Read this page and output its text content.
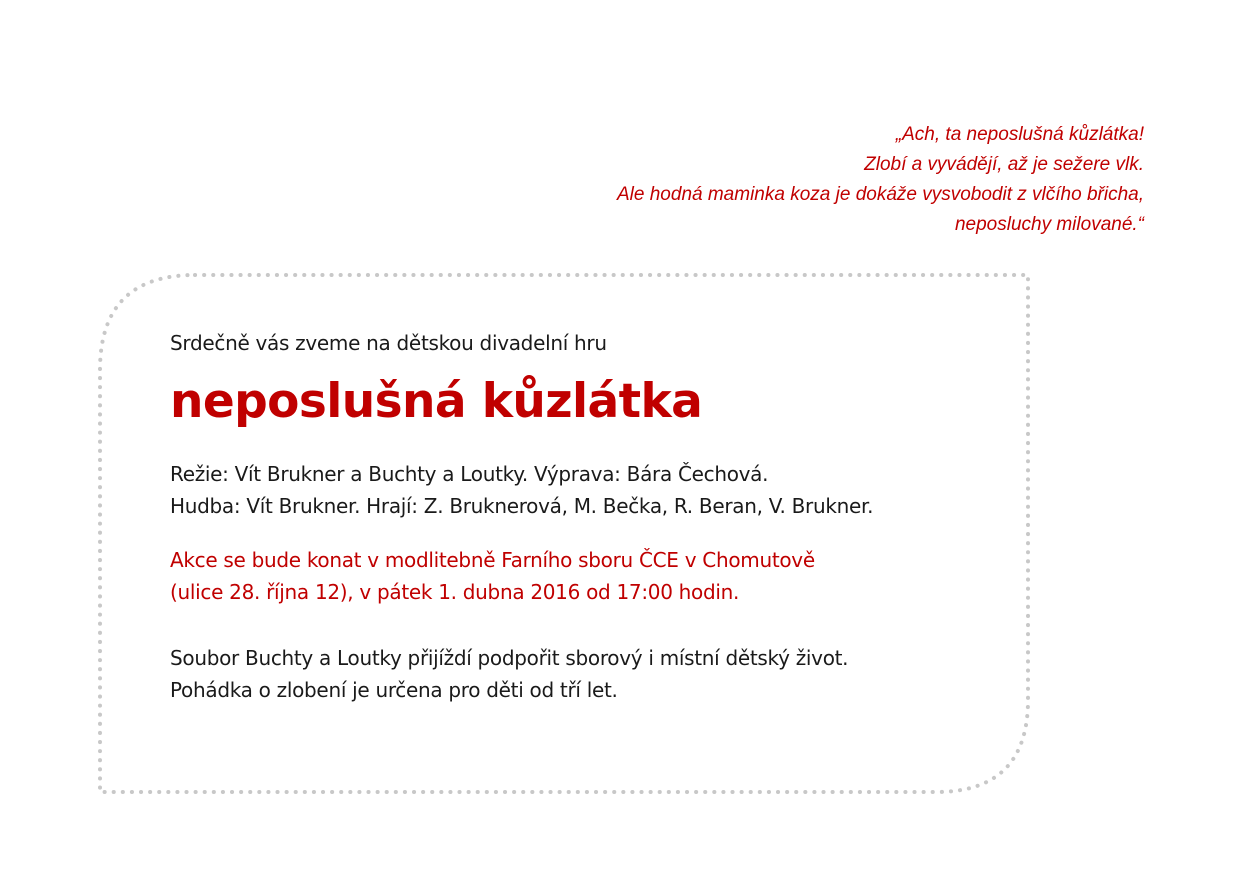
„Ach, ta neposlušná kůzlátka!
Zlobí a vyvádějí, až je sežere vlk.
Ale hodná maminka koza je dokáže vysvobodit z vlčího břicha,
neposluchy milované.“

Srdečně vás zveme na dětskou divadelní hru

neposlušná kůzlátka
Režie: Vít Brukner a Buchty a Loutky. Výprava: Bára Čechová.
Hudba: Vít Brukner. Hrají: Z. Bruknerová, M. Bečka, R. Beran, V. Brukner.
Akce se bude konat v modlitebně Farního sboru ČCE v Chomutově
(ulice 28. října 12), v pátek 1. dubna 2016 od 17:00 hodin.
Soubor Buchty a Loutky přijíždí podpořit sborový i místní dětský život.
Pohádka o zlobení je určena pro děti od tří let.
